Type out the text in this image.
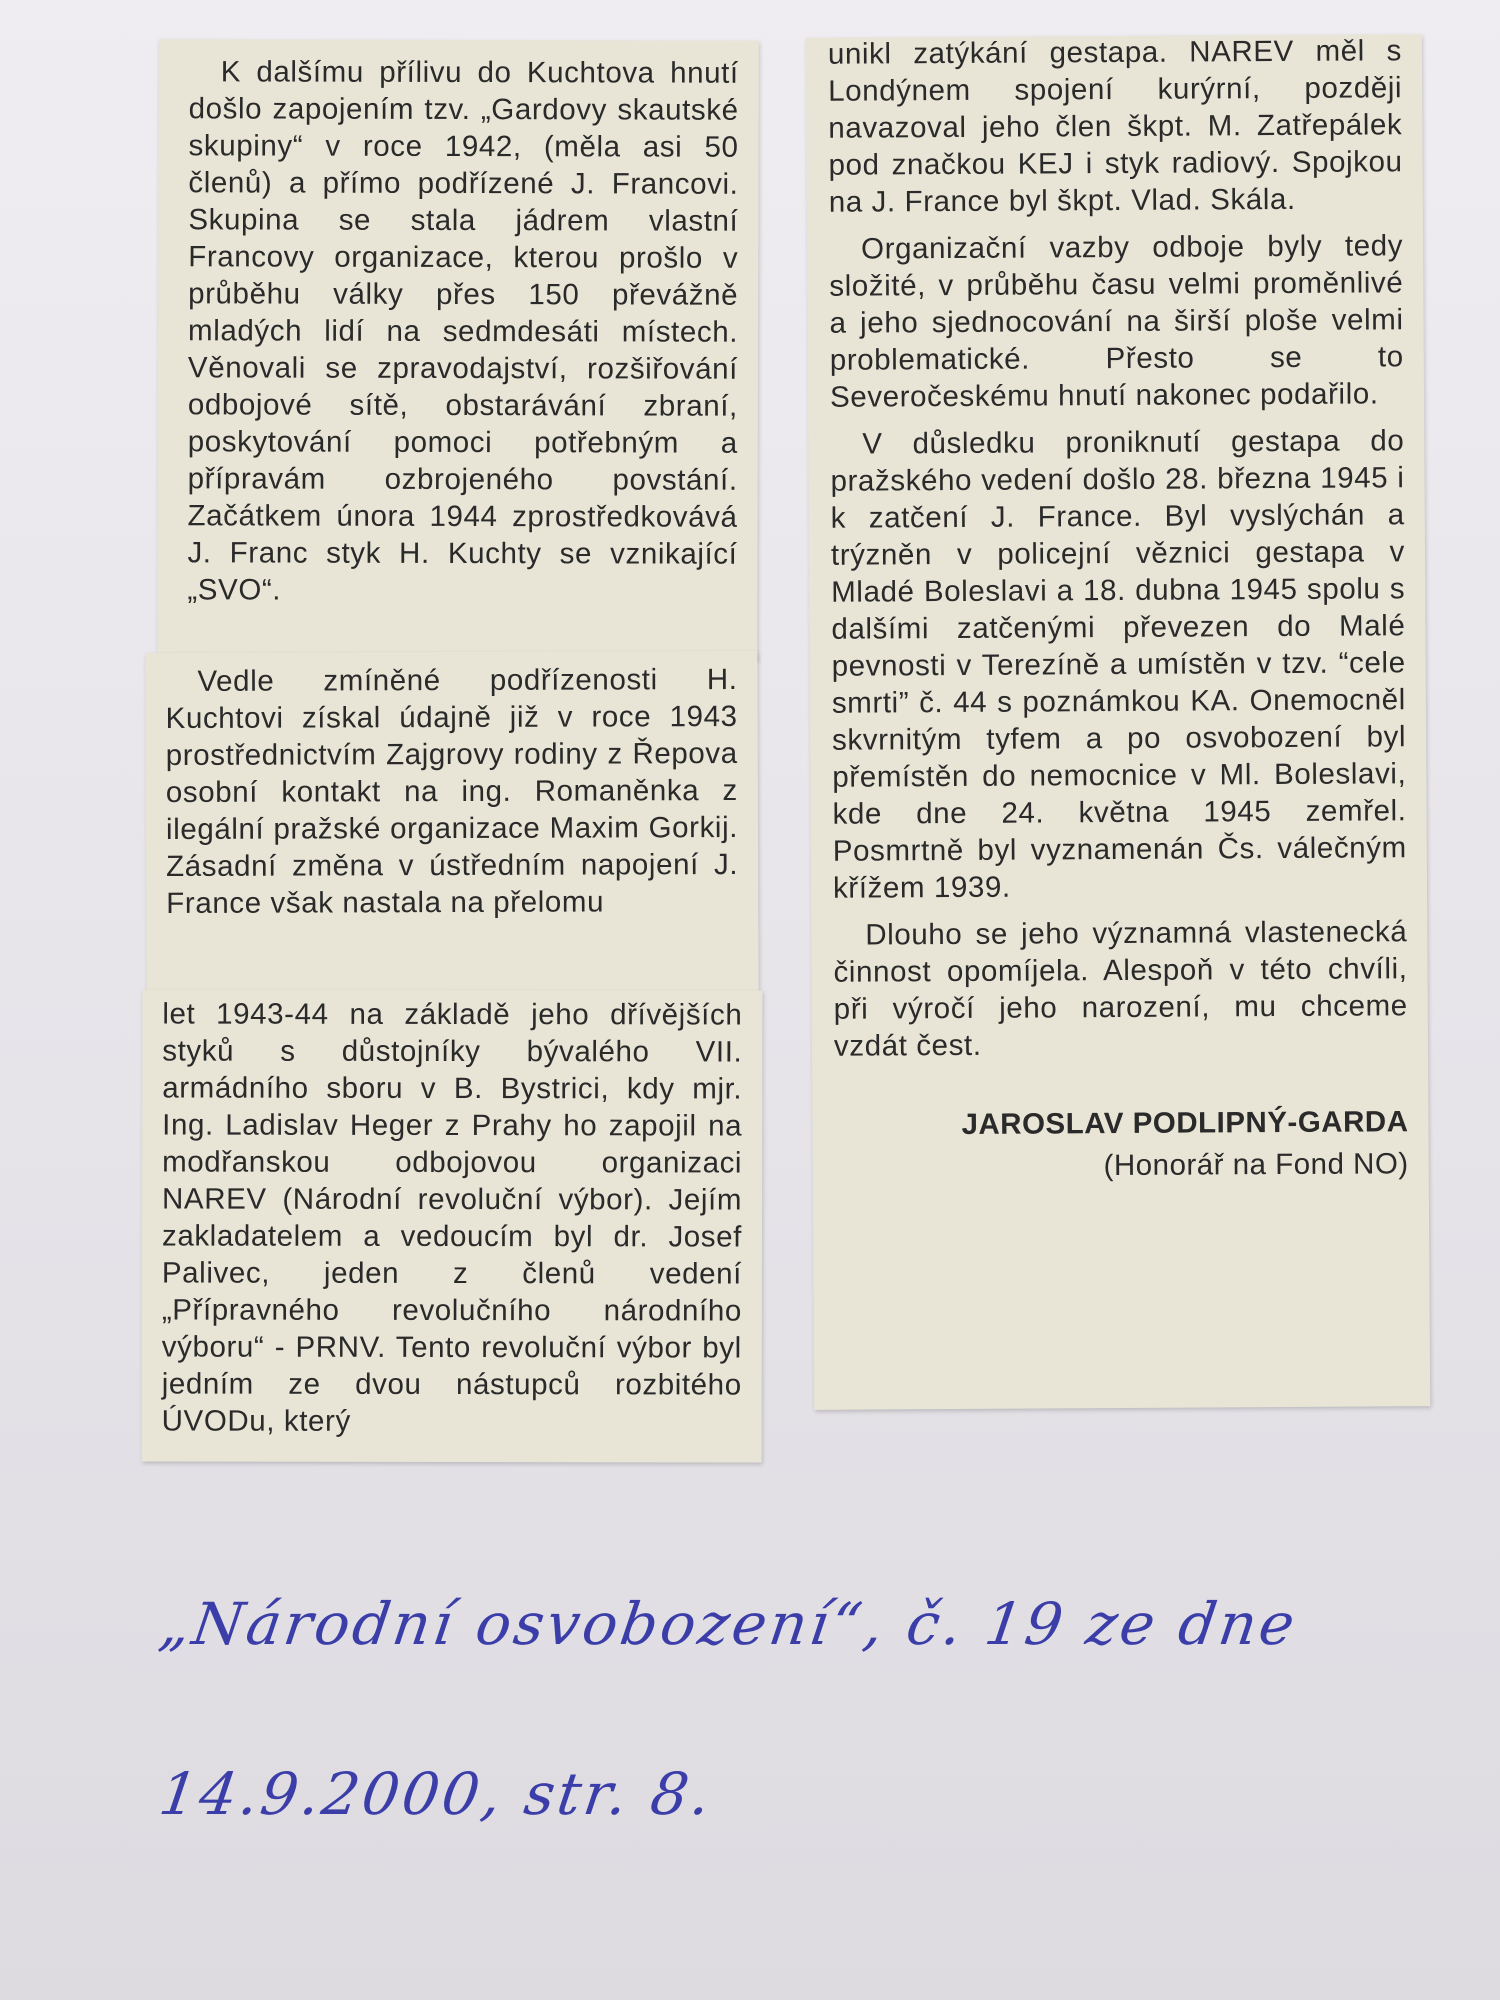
K dalšímu přílivu do Kuchtova hnutí došlo zapojením tzv. „Gardovy skautské skupiny“ v roce 1942, (měla asi 50 členů) a přímo podřízené J. Francovi. Skupina se stala jádrem vlastní Francovy organizace, kterou prošlo v průběhu války přes 150 převážně mladých lidí na sedmdesáti místech. Věnovali se zpravodajství, rozšiřování odbojové sítě, obstarávání zbraní, poskytování pomoci potřebným a přípravám ozbrojeného povstání. Začátkem února 1944 zprostředkovává J. Franc styk H. Kuchty se vznikající „SVO“.

Vedle zmíněné podřízenosti H. Kuchtovi získal údajně již v roce 1943 prostřednictvím Zajgrovy rodiny z Řepova osobní kontakt na ing. Romaněnka z ilegální pražské organizace Maxim Gorkij. Zásadní změna v ústředním napojení J. France však nastala na přelomu

let 1943-44 na základě jeho dřívějších styků s důstojníky bývalého VII. armádního sboru v B. Bystrici, kdy mjr. Ing. Ladislav Heger z Prahy ho zapojil na modřanskou odbojovou organizaci NAREV (Národní revoluční výbor). Jejím zakladatelem a vedoucím byl dr. Josef Palivec, jeden z členů vedení „Přípravného revolučního národního výboru“ - PRNV. Tento revoluční výbor byl jedním ze dvou nástupců rozbitého ÚVODu, který

unikl zatýkání gestapa. NAREV měl s Londýnem spojení kurýrní, později navazoval jeho člen škpt. M. Zatřepálek pod značkou KEJ i styk radiový. Spojkou na J. France byl škpt. Vlad. Skála.

Organizační vazby odboje byly tedy složité, v průběhu času velmi proměnlivé a jeho sjednocování na širší ploše velmi problematické. Přesto se to Severočeskému hnutí nakonec podařilo.

V důsledku proniknutí gestapa do pražského vedení došlo 28. března 1945 i k zatčení J. France. Byl vyslýchán a trýzněn v policejní věznici gestapa v Mladé Boleslavi a 18. dubna 1945 spolu s dalšími zatčenými převezen do Malé pevnosti v Terezíně a umístěn v tzv. “cele smrti” č. 44 s poznámkou KA. Onemocněl skvrnitým tyfem a po osvobození byl přemístěn do nemocnice v Ml. Boleslavi, kde dne 24. května 1945 zemřel. Posmrtně byl vyznamenán Čs. válečným křížem 1939.

Dlouho se jeho významná vlastenecká činnost opomíjela. Alespoň v této chvíli, při výročí jeho narození, mu chceme vzdát čest.

JAROSLAV PODLIPNÝ-GARDA

(Honorář na Fond NO)

„Národní osvobození“, č. 19 ze dne
14.9.2000, str. 8.
